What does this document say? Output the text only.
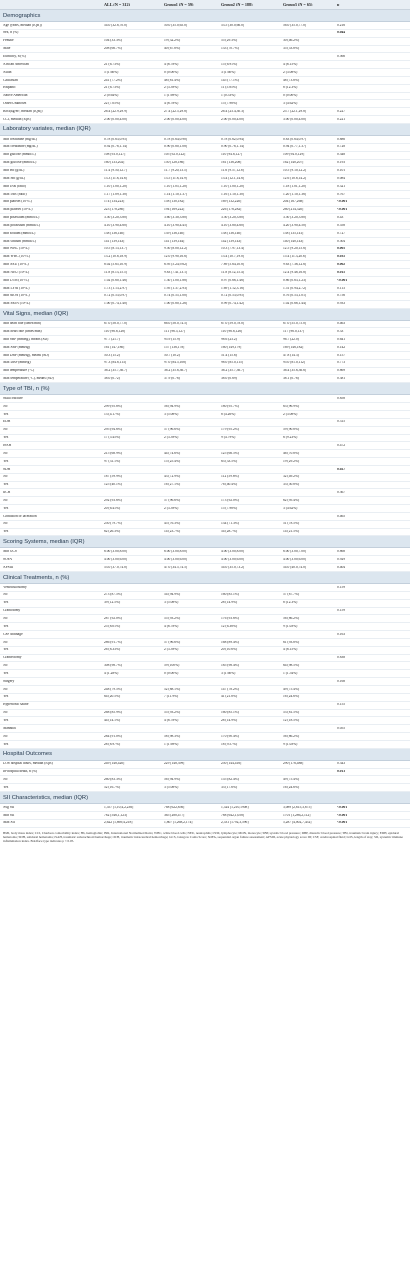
ALL (N = 312)	Group1 (N = 59)	Group2 (N = 188)	Group3 (N = 65)	p
Demographics
Age (years, median [IQR])	54.0 [32.8,70.0]	50.0 [35.0,65.0]	53.5 [30.0,66.0]	56.0 [35.0,77.0]	0.216
Sex, n (%)	0.044
Female	104 (33.3%)	19 (32.2%)	55 (29.3%)	30 (46.2%)
Male	208 (66.7%)	40 (67.8%)	133 (70.7%)	35 (53.8%)
Ethnicity, n (%)	0.566
African American	21 (6.73%)	4 (6.78%)	15 (6.91%)	4 (6.15%)
Asian	5 (1.60%)	0 (0.00%)	3 (1.60%)	2 (3.08%)
Caucasian	241 (77.2%)	48 (81.4%)	145 (77.1%)	48 (73.8%)
Hispanic	21 (6.73%)	2 (3.39%)	11 (5.85%)	8 (12.3%)
Native American	2 (0.64%)	1 (1.69%)	1 (0.53%)	0 (0.00%)
Other/Unknown	22 (7.05%)	4 (6.78%)	15 (7.98%)	3 (4.62%)
BMI(kg/m², median [IQR])	26.4 [22.9,29.9]	27.4 [22.5,29.8]	26.4 [23.4,30.3]	25.7 [22.1,29.8]	0.227
CCI, median [IQR]	2.00 [0.00,4.00]	2.00 [0.00,4.00]	2.00 [0.00,4.00]	3.00 [0.00,4.00]	0.221
Laboratory variates, median (IQR)
Min creatinine (mg/dL)	0.78 [0.63,0.95]	0.78 [0.64,0.90]	0.78 [0.62,0.94]	0.83 [0.64,0.97]	0.886
Max creatinine (mg/dL)	0.92 [0.78,1.14]	0.90 [0.80,1.08]	0.90 [0.78,1.14]	0.94 [0.77,1.37]	0.728
Min glucose (mmol/L)	108 [93.0,127]	105 [92.0,122]	110 [94.8,127]	109 [94.0,129]	0.348
Max glucose (mmol/L)	160 [133,202]	150 [128,186]	161 [136,208]	162 [140,207]	0.193
Min Hb (g/dL)	11.4 [9.50,12.7]	11.7 [9.20,13.5]	11.6 [9.57,12.8]	10.5 [9.10,12.2]	0.101
Max Hb (g/dL)	13.3 [11.8,14.6]	13.5 [11.8,14.9]	13.4 [12.1,14.6]	12.6 [10.8,14.2]	0.084
Min INR (ratio)	1.10 [1.00,1.20]	1.10 [1.05,1.20]	1.10 [1.00,1.20]	1.18 [1.01,1.20]	0.321
Max INR (ratio)	1.17 [1.09,1.30]	1.14 [1.10,1.37]	1.16 [1.10,1.30]	1.20 [1.10,1.36]	0.767
Min platelet (10⁹/L)	174 [134,223]	158 [130,182]	169 [132,220]	204 [167,268]	<0.001
Max platelet (10⁹/L)	223 [178,280]	194 [169,222]	226 [176,282]	260 [214,320]	<0.001
Min potassium (mmol/L)	3.50 [3.20,3.80]	3.60 [3.30,3.80]	3.50 [3.20,3.80]	3.50 [3.20,3.80]	0.43
Max potassium (mmol/L)	4.10 [3.90,4.60]	4.10 [3.90,4.45]	4.10 [3.80,4.60]	4.20 [3.90,4.50]	0.558
Min sodium (mmol/L)	138 [136,140]	139 [136,140]	138 [136,140]	138 [135,141]	0.727
Max sodium (mmol/L)	141 [139,143]	141 [139,144]	142 [139,143]	140 [140,143]	0.504
Min WBC (10⁹/L)	10.5 [8.13,13.7]	9.50 [8.00,12.2]	10.3 [7.97,13.4]	12.5 [9.20,15.6]	0.005
Max WBC (10⁹/L)	13.2 [10.8,18.9]	12.0 [9.90,16.6]	13.4 [10.7,19.0]	15.4 [11.3,20.6]	0.035
Min NEU (10⁹/L)	8.02 [5.65,10.9]	6.95 [5.24,9.62]	7.89 [5.64,10.8]	9.63 [7.36,12.6]	0.002
Max NEU (10⁹/L)	11.8 [8.13,15.5]	9.83 [7.41,13.1]	11.8 [8.12,15.4]	12.4 [9.48,16.8]	0.015
Min LYM (10⁹/L)	1.02 [0.60,1.46]	1.30 [1.00,1.88]	0.97 [0.66,1.46]	0.86 [0.63,1.23]	<0.001
Max LYM (10⁹/L)	1.73 [1.13,2.97]	1.95 [1.37,2.93]	1.69 [1.12,3.16]	1.51 [0.94,2.72]	0.113
Min MON (10⁹/L)	0.72 [0.53,0.97]	0.74 [0.55,1.00]	0.72 [0.53,0.95]	0.76 [0.53,1.01]	0.756
Max MON (10⁹/L)	1.00 [0.74,1.40]	1.00 [0.80,1.26]	0.99 [0.74,1.42]	1.02 [0.68,1.44]	0.933
Vital Signs, median (IQR)
Min heart rate (times/min)	67.0 [58.0,77.0]	66.0 [58.0,74.5]	67.0 [59.0,78.0]	67.0 [55.0,75.0]	0.463
Max heart rate (times/min)	110 [96.8,128]	111 [96.5,127]	110 [96.8,126]	117 [96.0,137]	0.33
Min SBP (mmHg), means (SD)	97.7 (21.7)	95.9 (15.9)	98.6 (23.2)	96.7 (22.0)	0.641
Max SBP (mmHg)	161 [147,180]	157 [136,178]	160 [149,179]	169 [146,182]	0.142
Min DBP (mmHg), means (SD)	50.3 (15.2)	50.7 (10.2)	51.4 (15.6)	47.8 (14.3)	0.157
Max DBP (mmHg)	97.3 [84.8,113]	97.0 [84.5,108]	98.0 [85.0,115]	95.0 [81.0,112]	0.773
Min temperature (°C)	36.2 [35.7,36.7]	36.2 [35.8,36.7]	36.2 [35.7,36.7]	36.4 [35.6,36.6]	0.869
Max temperature (°C), means (SD)	38.0 (0.72)	37.9 (0.76)	38.0 (0.69)	38.1 (0.76)	0.381
Type of TBI, n (%)
Skull fracture	0.858
No	299 (95.8%)	56 (94.9%)	180 (95.7%)	63 (96.9%)
Yes	13 (4.17%)	3 (5.08%)	8 (4.26%)	2 (3.08%)
EDH	0.315
No	295 (94.6%)	57 (96.6%)	179 (95.2%)	59 (90.8%)
Yes	17 (5.45%)	2 (3.39%)	9 (4.79%)	6 (9.23%)
tSAH	0.472
No	215 (68.9%)	44 (74.6%)	125 (66.5%)	46 (70.8%)
Yes	97 (31.1%)	15 (25.4%)	63 (33.5%)	19 (29.2%)
SDH	0.027
No	187 (59.9%)	43 (72.9%)	112 (59.6%)	32 (49.2%)
Yes	125 (40.1%)	16 (27.1%)	76 (40.4%)	33 (50.8%)
tICH	0.367
No	292 (93.6%)	57 (96.6%)	173 (92.0%)	62 (95.4%)
Yes	20 (6.41%)	2 (3.39%)	15 (7.98%)	3 (4.62%)
Contusion or laceration	0.465
No	250 (79.7%)	45 (76.3%)	134 (71.3%)	51 (78.5%)
Yes	62 (26.3%)	14 (23.7%)	54 (28.7%)	14 (21.5%)
Scoring Systems, median (IQR)
Min GCS	6.00 [3.00,8.00]	6.00 [3.00,8.00]	4.00 [3.00,8.00]	6.00 [3.00,7.00]	0.868
SOFA	4.00 [3.00,6.00]	4.00 [3.00,6.00]	4.00 [3.00,6.00]	4.00 [3.00,6.00]	0.929
APSIII	53.0 [37.0,74.0]	47.0 [34.5,74.5]	54.0 [35.0,73.2]	54.0 [40.0,74.0]	0.404
Clinical Treatments, n (%)
Ventriculostomy	0.159
No	273 (87.5%)	54 (94.9%)	160 (85.1%)	57 (87.7%)
Yes	39 (12.5%)	3 (5.08%)	28 (14.9%)	8 (12.3%)
Craniotomy	0.159
No	287 (92.0%)	55 (93.2%)	176 (93.6%)	56 (86.2%)
Yes	25 (8.01%)	4 (6.78%)	12 (6.38%)	9 (13.8%)
CSF drainage	0.163
No	286 (91.7%)	57 (96.6%)	168 (89.4%)	61 (93.8%)
Yes	26 (8.33%)	2 (3.39%)	20 (10.6%)	4 (6.15%)
Craniectomy	0.838
No	308 (98.7%)	59 (100%)	185 (98.4%)	64 (98.5%)
Yes	4 (1.28%)	0 (0.00%)	3 (1.60%)	1 (1.54%)
Surgery	0.168
No	248 (79.5%)	52 (88.1%)	147 (78.2%)	49 (75.4%)
Yes	64 (20.5%)	7 (11.9%)	41 (21.8%)	16 (24.6%)
Hypertonic saline	0.155
No	268 (85.9%)	55 (93.2%)	160 (85.1%)	53 (81.5%)
Yes	44 (14.1%)	4 (6.78%)	28 (14.9%)	12 (18.5%)
Mannitol	0.055
No	284 (91.0%)	58 (98.3%)	170 (90.4%)	56 (86.2%)
Yes	28 (8.97%)	1 (1.69%)	18 (9.57%)	9 (13.8%)
Hospital Outcomes
LOS hospital hours, median (IQR)	249 [148,420]	229 [148,399]	250 [144,416]	290 [176,488]	0.343
In-hospital death, n (%)	0.013
No	260 (83.3%)	56 (94.9%)	155 (82.4%)	49 (75.4%)
Yes	52 (16.7%)	3 (5.08%)	33 (17.6%)	16 (24.6%)
SII Characteristics, median (IQR)
Avg SII	1,557 [1,10,4,2,236]	768 [622,856]	1,524 [1,210,1908]	3,089 [2,615,3,675]	<0.001
Min SII	782 [546,1,123]	365 [280,477]	788 [642,1,058]	1701 [1,286,2,112]	<0.001
Max SII	2,622 [1,669,4,218]	1,807 [1,268,2,174]	2,531 [1792,3,596]	5,287 [4,002,7,452]	<0.001
BMI, body mass index; CCI, Charlson comorbidity index; Hb, hemoglobin; INR, International Normalized Ratio; WBC, white blood cells; NEU, neutrophils; LYM, lymphocyte; MON, monocyte; SBP, systolic blood pressure; DBP, diastolic blood pressure; TBI, traumatic brain injury; EDH, epidural hematoma; SDH, subdural hematoma; tSAH, traumatic subarachnoid hemorrhage; tICH, traumatic intracerebral hemorrhage; GCS, Glasgow Coma Score; SOFA, sequential organ failure assessment; APSIII, acute physiology score III; CSF, cerebrospinal fluid; LOS, length of stay; SII, systemic immune inflammation index. Boldface type indicates p < 0.05.
